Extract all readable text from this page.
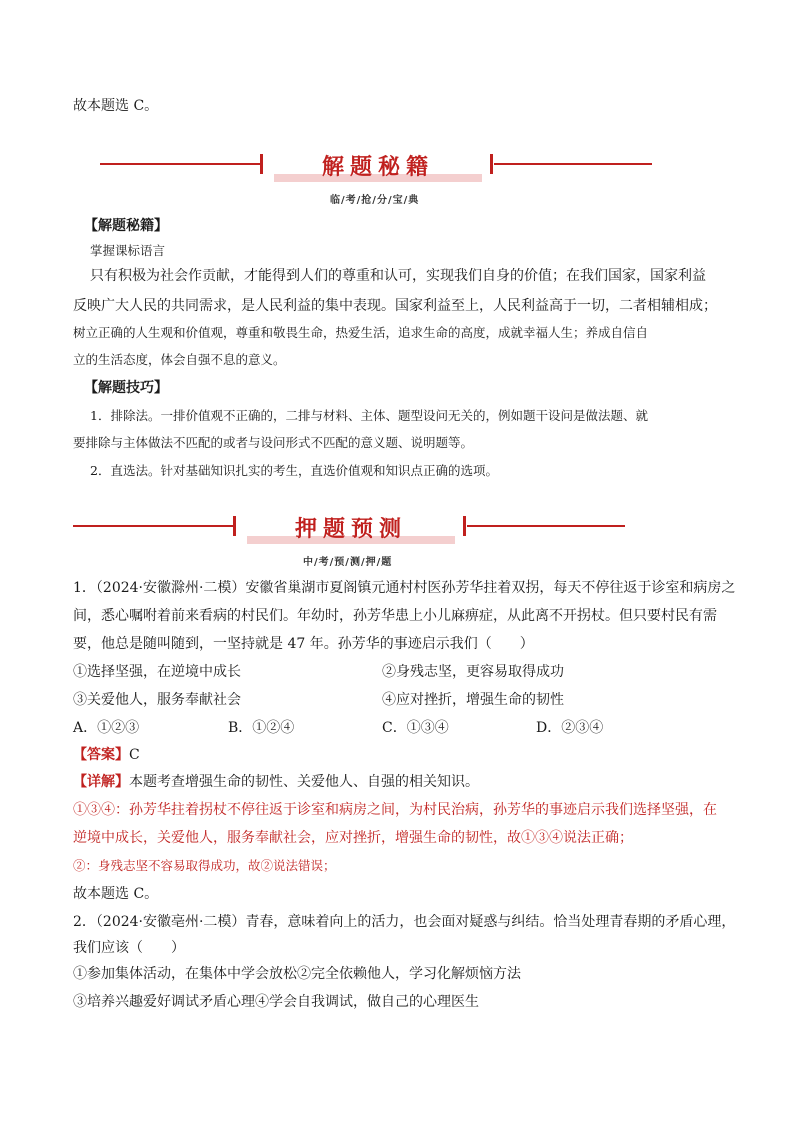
故本题选 C。
解题秘籍
临/考/抢/分/宝/典
【解题秘籍】
掌握课标语言
只有积极为社会作贡献，才能得到人们的尊重和认可，实现我们自身的价值；在我们国家，国家利益
反映广大人民的共同需求，是人民利益的集中表现。国家利益至上，人民利益高于一切，二者相辅相成；
树立正确的人生观和价值观，尊重和敬畏生命，热爱生活，追求生命的高度，成就幸福人生；养成自信自
立的生活态度，体会自强不息的意义。
【解题技巧】
1．排除法。一排价值观不正确的，二排与材料、主体、题型设问无关的，例如题干设问是做法题、就
要排除与主体做法不匹配的或者与设问形式不匹配的意义题、说明题等。
2．直选法。针对基础知识扎实的考生，直选价值观和知识点正确的选项。
押题预测
中/考/预/测/押/题
1．（2024·安徽滁州·二模）安徽省巢湖市夏阁镇元通村村医孙芳华拄着双拐，每天不停往返于诊室和病房之
间，悉心嘱咐着前来看病的村民们。年幼时，孙芳华患上小儿麻痹症，从此离不开拐杖。但只要村民有需
要，他总是随叫随到，一坚持就是 47 年。孙芳华的事迹启示我们（　　）
①选择坚强，在逆境中成长	②身残志坚，更容易取得成功
③关爱他人，服务奉献社会	④应对挫折，增强生命的韧性
A．①②③	B．①②④	C．①③④	D．②③④
【答案】C
【详解】本题考查增强生命的韧性、关爱他人、自强的相关知识。
①③④：孙芳华拄着拐杖不停往返于诊室和病房之间，为村民治病，孙芳华的事迹启示我们选择坚强，在
逆境中成长，关爱他人，服务奉献社会，应对挫折，增强生命的韧性，故①③④说法正确；
②：身残志坚不容易取得成功，故②说法错误；
故本题选 C。
2．（2024·安徽亳州·二模）青春，意味着向上的活力，也会面对疑惑与纠结。恰当处理青春期的矛盾心理，
我们应该（　　）
①参加集体活动，在集体中学会放松②完全依赖他人，学习化解烦恼方法
③培养兴趣爱好调试矛盾心理④学会自我调试，做自己的心理医生
